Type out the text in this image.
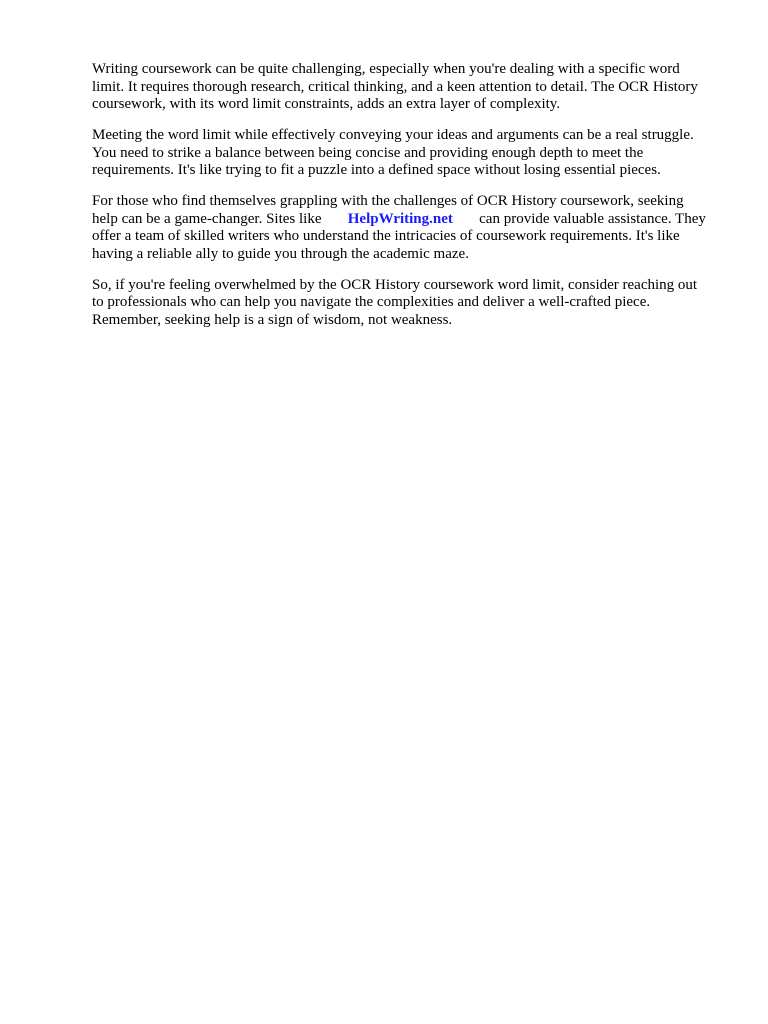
Writing coursework can be quite challenging, especially when you're dealing with a specific word
limit. It requires thorough research, critical thinking, and a keen attention to detail. The OCR History
coursework, with its word limit constraints, adds an extra layer of complexity.
Meeting the word limit while effectively conveying your ideas and arguments can be a real struggle.
You need to strike a balance between being concise and providing enough depth to meet the
requirements. It's like trying to fit a puzzle into a defined space without losing essential pieces.
For those who find themselves grappling with the challenges of OCR History coursework, seeking
help can be a game-changer. Sites like       HelpWriting.net       can provide valuable assistance. They
offer a team of skilled writers who understand the intricacies of coursework requirements. It's like
having a reliable ally to guide you through the academic maze.
So, if you're feeling overwhelmed by the OCR History coursework word limit, consider reaching out
to professionals who can help you navigate the complexities and deliver a well-crafted piece.
Remember, seeking help is a sign of wisdom, not weakness.
